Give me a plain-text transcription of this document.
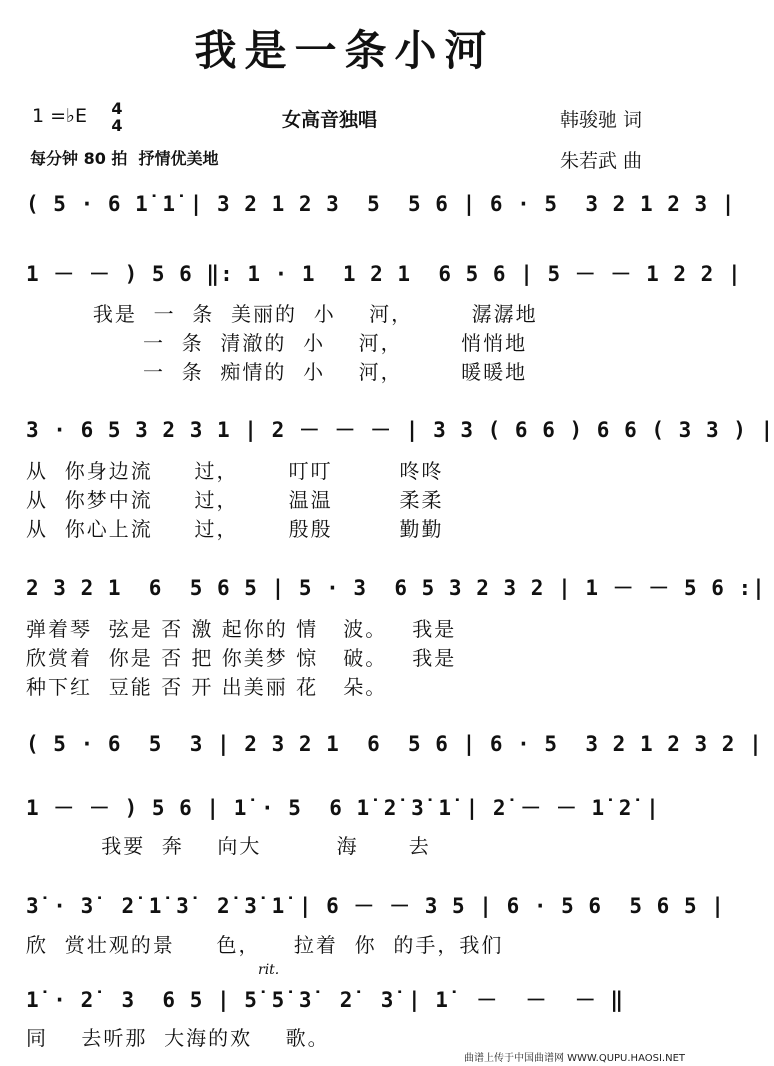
我是一条小河
1 =♭E 4
4	女高音独唱	韩骏驰 词
每分钟 80 拍  抒情优美地	朱若武 曲
( 5 · 6 1̇ 1̇ | 3 2 1 2 3  5  5 6 | 6 · 5  3 2 1 2 3 |
1 － － ) 5 6 ‖: 1 · 1  1 2 1  6 5 6 | 5 － － 1 2 2 |
我是  一  条  美丽的  小    河，       潺潺地
一  条  清澈的  小    河，       悄悄地
一  条  痴情的  小    河，       暖暖地
3 · 6 5 3 2 3 1 | 2 － － － | 3 3 ( 6 6 ) 6 6 ( 3 3 ) |
从  你身边流     过，      叮叮        咚咚
从  你梦中流     过，      温温        柔柔
从  你心上流     过，      殷殷        勤勤
2 3 2 1  6  5 6 5 | 5 · 3  6 5 3 2 3 2 | 1 － － 5 6 :|
弹着琴  弦是 否 激 起你的 情   波。   我是
欣赏着  你是 否 把 你美梦 惊   破。   我是
种下红  豆能 否 开 出美丽 花   朵。
( 5 · 6  5  3 | 2 3 2 1  6  5 6 | 6 · 5  3 2 1 2 3 2 |
1 － － ) 5 6 | 1̇ · 5  6 1̇ 2̇ 3̇ 1̇ | 2̇ － － 1̇ 2̇ |
我要  奔    向大         海      去
3̇ · 3̇  2̇ 1̇ 3̇  2̇ 3̇ 1̇ | 6 － － 3 5 | 6 · 5 6  5 6 5 |
欣  赏壮观的景     色，    拉着  你  的手，我们
rit.
1̇ · 2̇  3  6 5 | 5̇ 5̇ 3̇  2̇  3̇ | 1̇  －  －  － ‖
同    去听那  大海的欢    歌。
曲谱上传于中国曲谱网 WWW.QUPU.HAOSI.NET
